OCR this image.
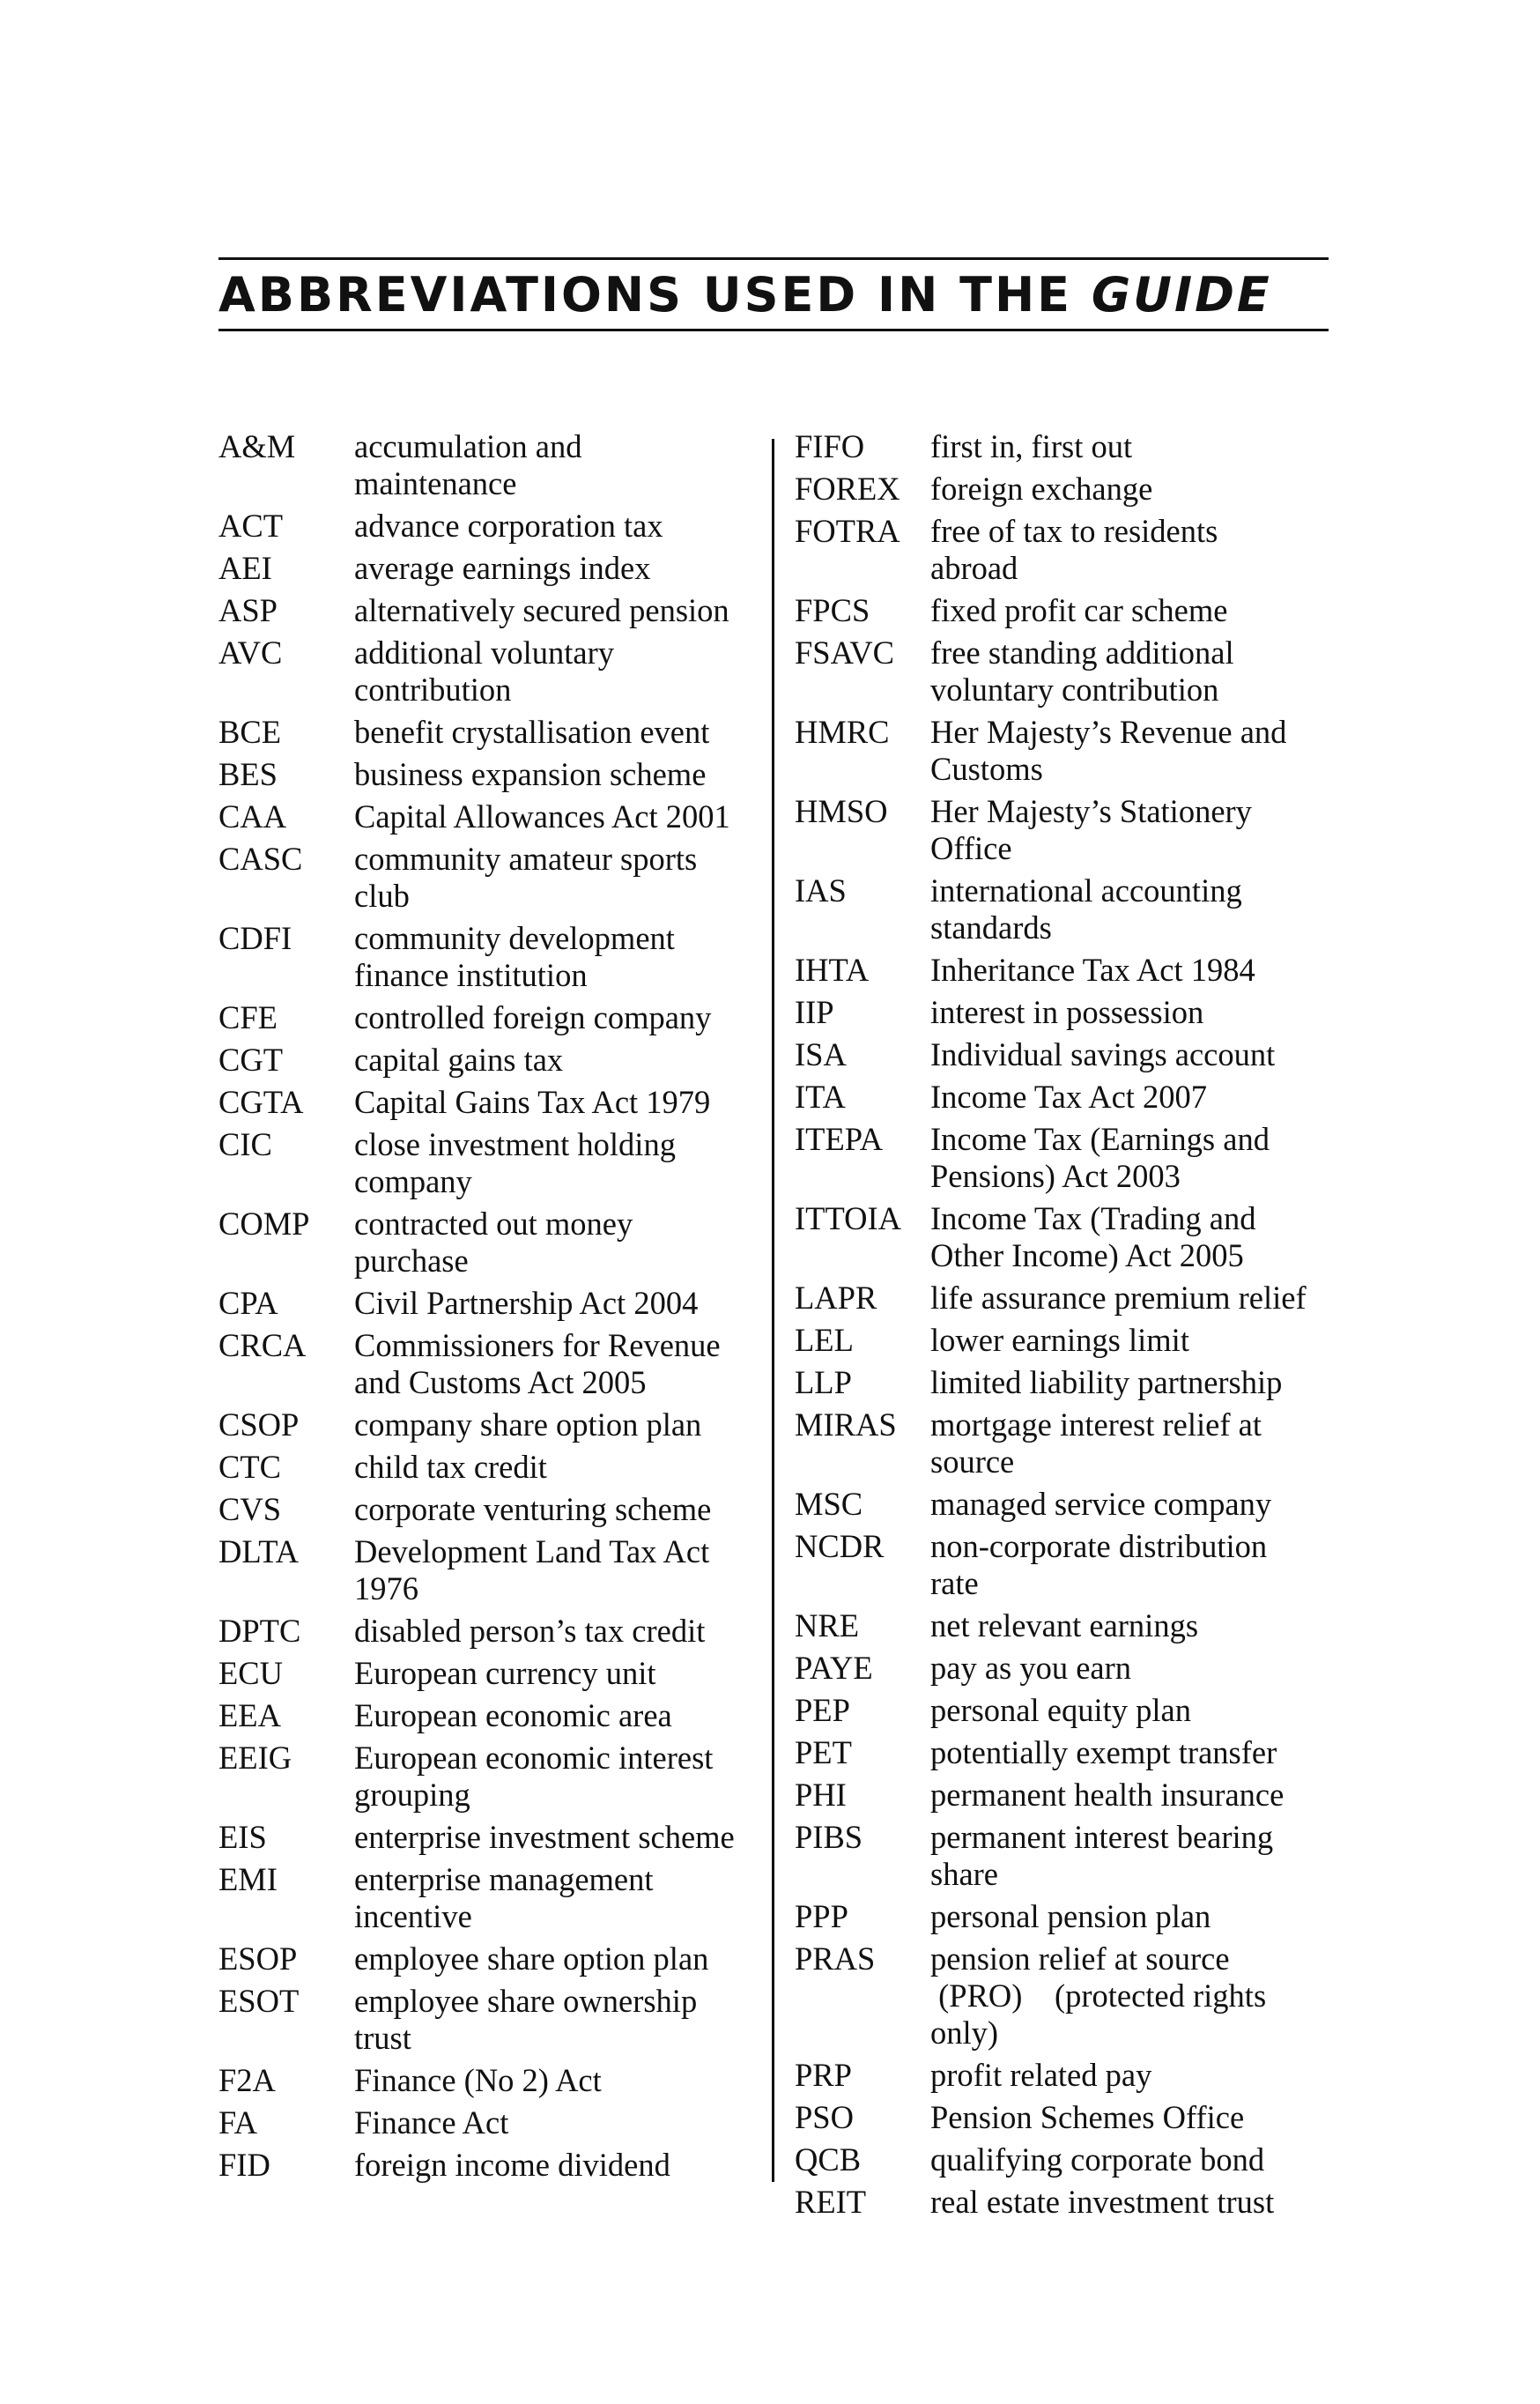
ABBREVIATIONS USED IN THE GUIDE
A&M	accumulation and
maintenance
ACT	advance corporation tax
AEI	average earnings index
ASP	alternatively secured pension
AVC	additional voluntary
contribution
BCE	benefit crystallisation event
BES	business expansion scheme
CAA	Capital Allowances Act 2001
CASC	community amateur sports
club
CDFI	community development
finance institution
CFE	controlled foreign company
CGT	capital gains tax
CGTA	Capital Gains Tax Act 1979
CIC	close investment holding
company
COMP	contracted out money
purchase
CPA	Civil Partnership Act 2004
CRCA	Commissioners for Revenue
and Customs Act 2005
CSOP	company share option plan
CTC	child tax credit
CVS	corporate venturing scheme
DLTA	Development Land Tax Act
1976
DPTC	disabled person’s tax credit
ECU	European currency unit
EEA	European economic area
EEIG	European economic interest
grouping
EIS	enterprise investment scheme
EMI	enterprise management
incentive
ESOP	employee share option plan
ESOT	employee share ownership
trust
F2A	Finance (No 2) Act
FA	Finance Act
FID	foreign income dividend
FIFO	first in, first out
FOREX foreign exchange
FOTRA free of tax to residents
abroad
FPCS	fixed profit car scheme
FSAVC	free standing additional
voluntary contribution
HMRC	Her Majesty’s Revenue and
Customs
HMSO	Her Majesty’s Stationery
Office
IAS	international accounting
standards
IHTA	Inheritance Tax Act 1984
IIP	interest in possession
ISA	Individual savings account
ITA	Income Tax Act 2007
ITEPA	Income Tax (Earnings and
Pensions) Act 2003
ITTOIA Income Tax (Trading and
Other Income) Act 2005
LAPR	life assurance premium relief
LEL	lower earnings limit
LLP	limited liability partnership
MIRAS	mortgage interest relief at
source
MSC	managed service company
NCDR	non-corporate distribution
rate
NRE	net relevant earnings
PAYE	pay as you earn
PEP	personal equity plan
PET	potentially exempt transfer
PHI	permanent health insurance
PIBS	permanent interest bearing
share
PPP	personal pension plan
PRAS	pension relief at source
(PRO)    (protected rights
only)
PRP	profit related pay
PSO	Pension Schemes Office
QCB	qualifying corporate bond
REIT	real estate investment trust
